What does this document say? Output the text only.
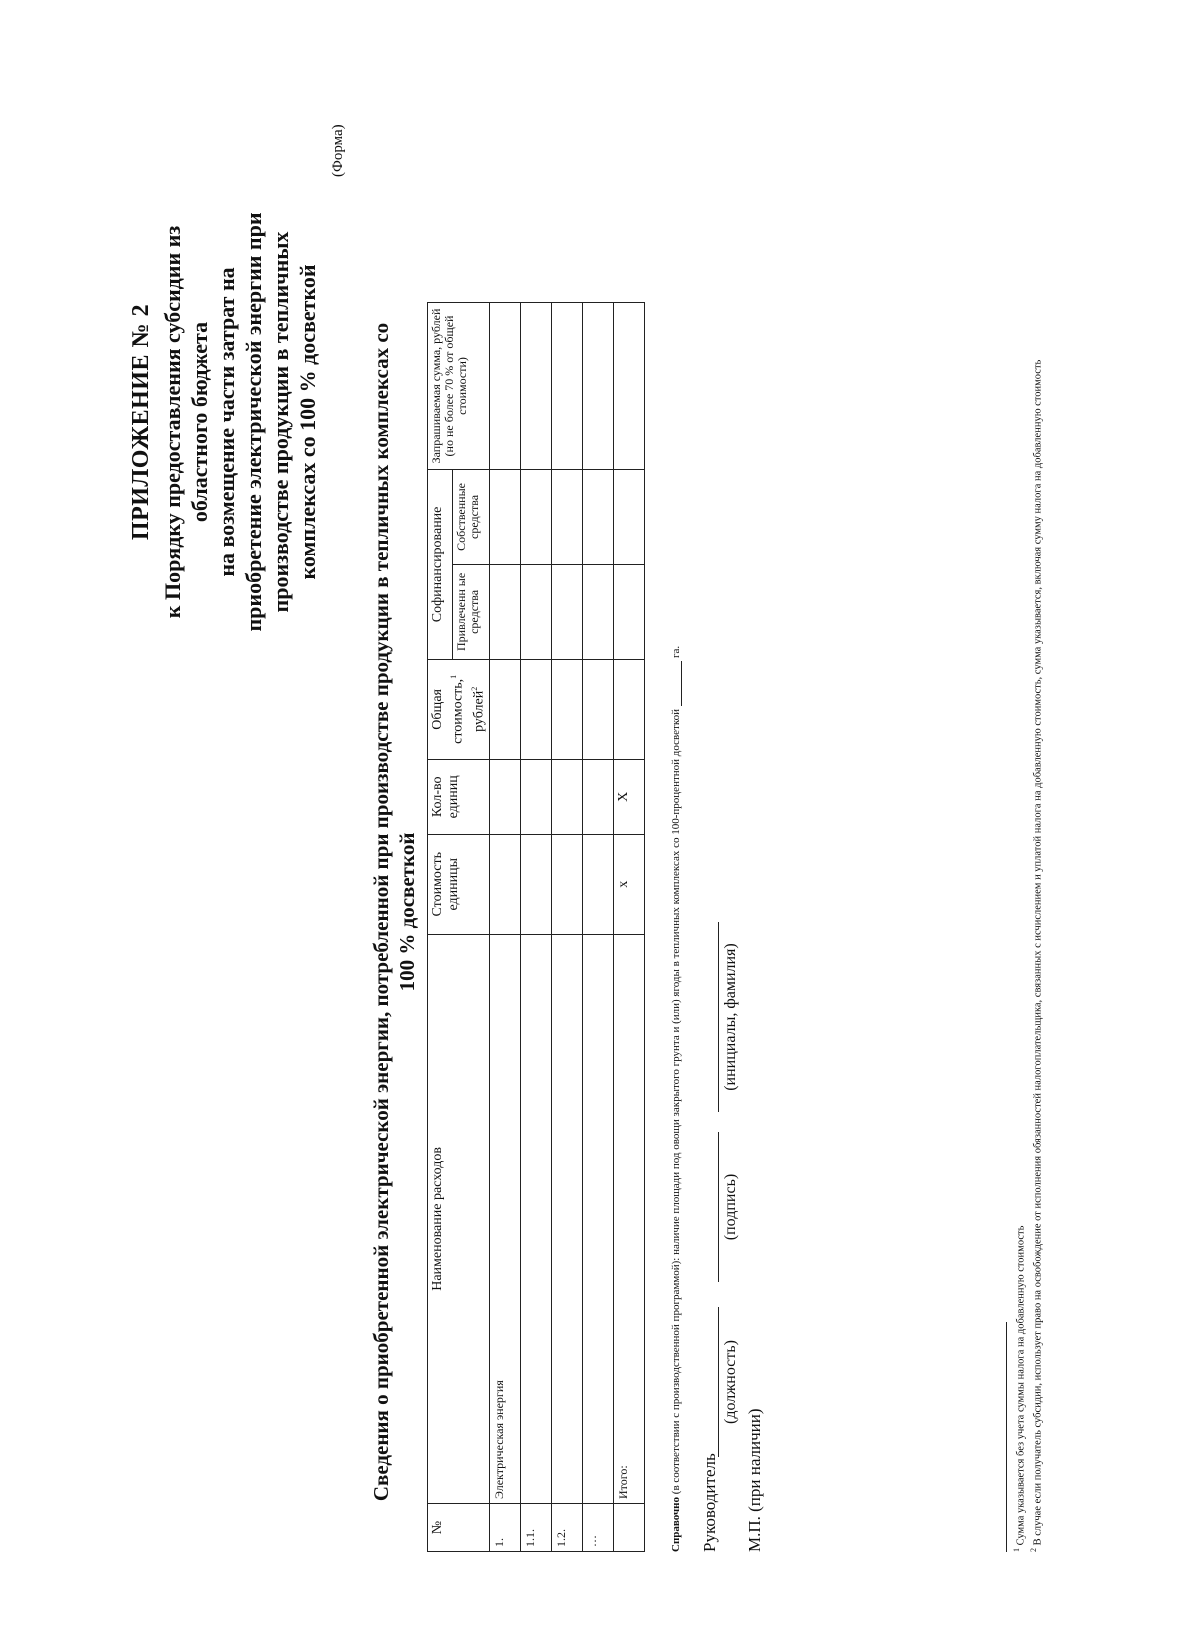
ПРИЛОЖЕНИЕ № 2 к Порядку предоставления субсидии из областного бюджета на возмещение части затрат на приобретение электрической энергии при производстве продукции в тепличных комплексах со 100 % досветкой
(Форма)
Сведения о приобретенной электрической энергии, потребленной при производстве продукции в тепличных комплексах со 100 % досветкой
№	Наименование расходов	Стоимость единицы	Кол-во единиц	Общая стоимость,$^1$ рублей$^2$	Софинансирование		Запрашиваемая сумма, рублей (но не более 70 % от общей стоимости)
					Привлеченн ые средства	Собственные средства	
1.	Электрическая энергия						
1.1.							
1.2.							
…							
	Итого:	x	X				
Справочно (в соответствии с производственной программой): наличие площади под овощи закрытого грунта и (или) ягоды в тепличных комплексах со 100-процентной досветкойга.
Руководитель
(должность)
(подпись)
(инициалы, фамилия)
М.П. (при наличии)	$^1$ Сумма указывается без учета суммы налога на добавленную стоимость
$^2$ В случае если получатель субсидии, использует право на освобождение от исполнения обязанностей налогоплательщика, связанных с исчислением и уплатой налога на добавленную стоимость, сумма указывается, включая сумму налога на добавленную стоимость
